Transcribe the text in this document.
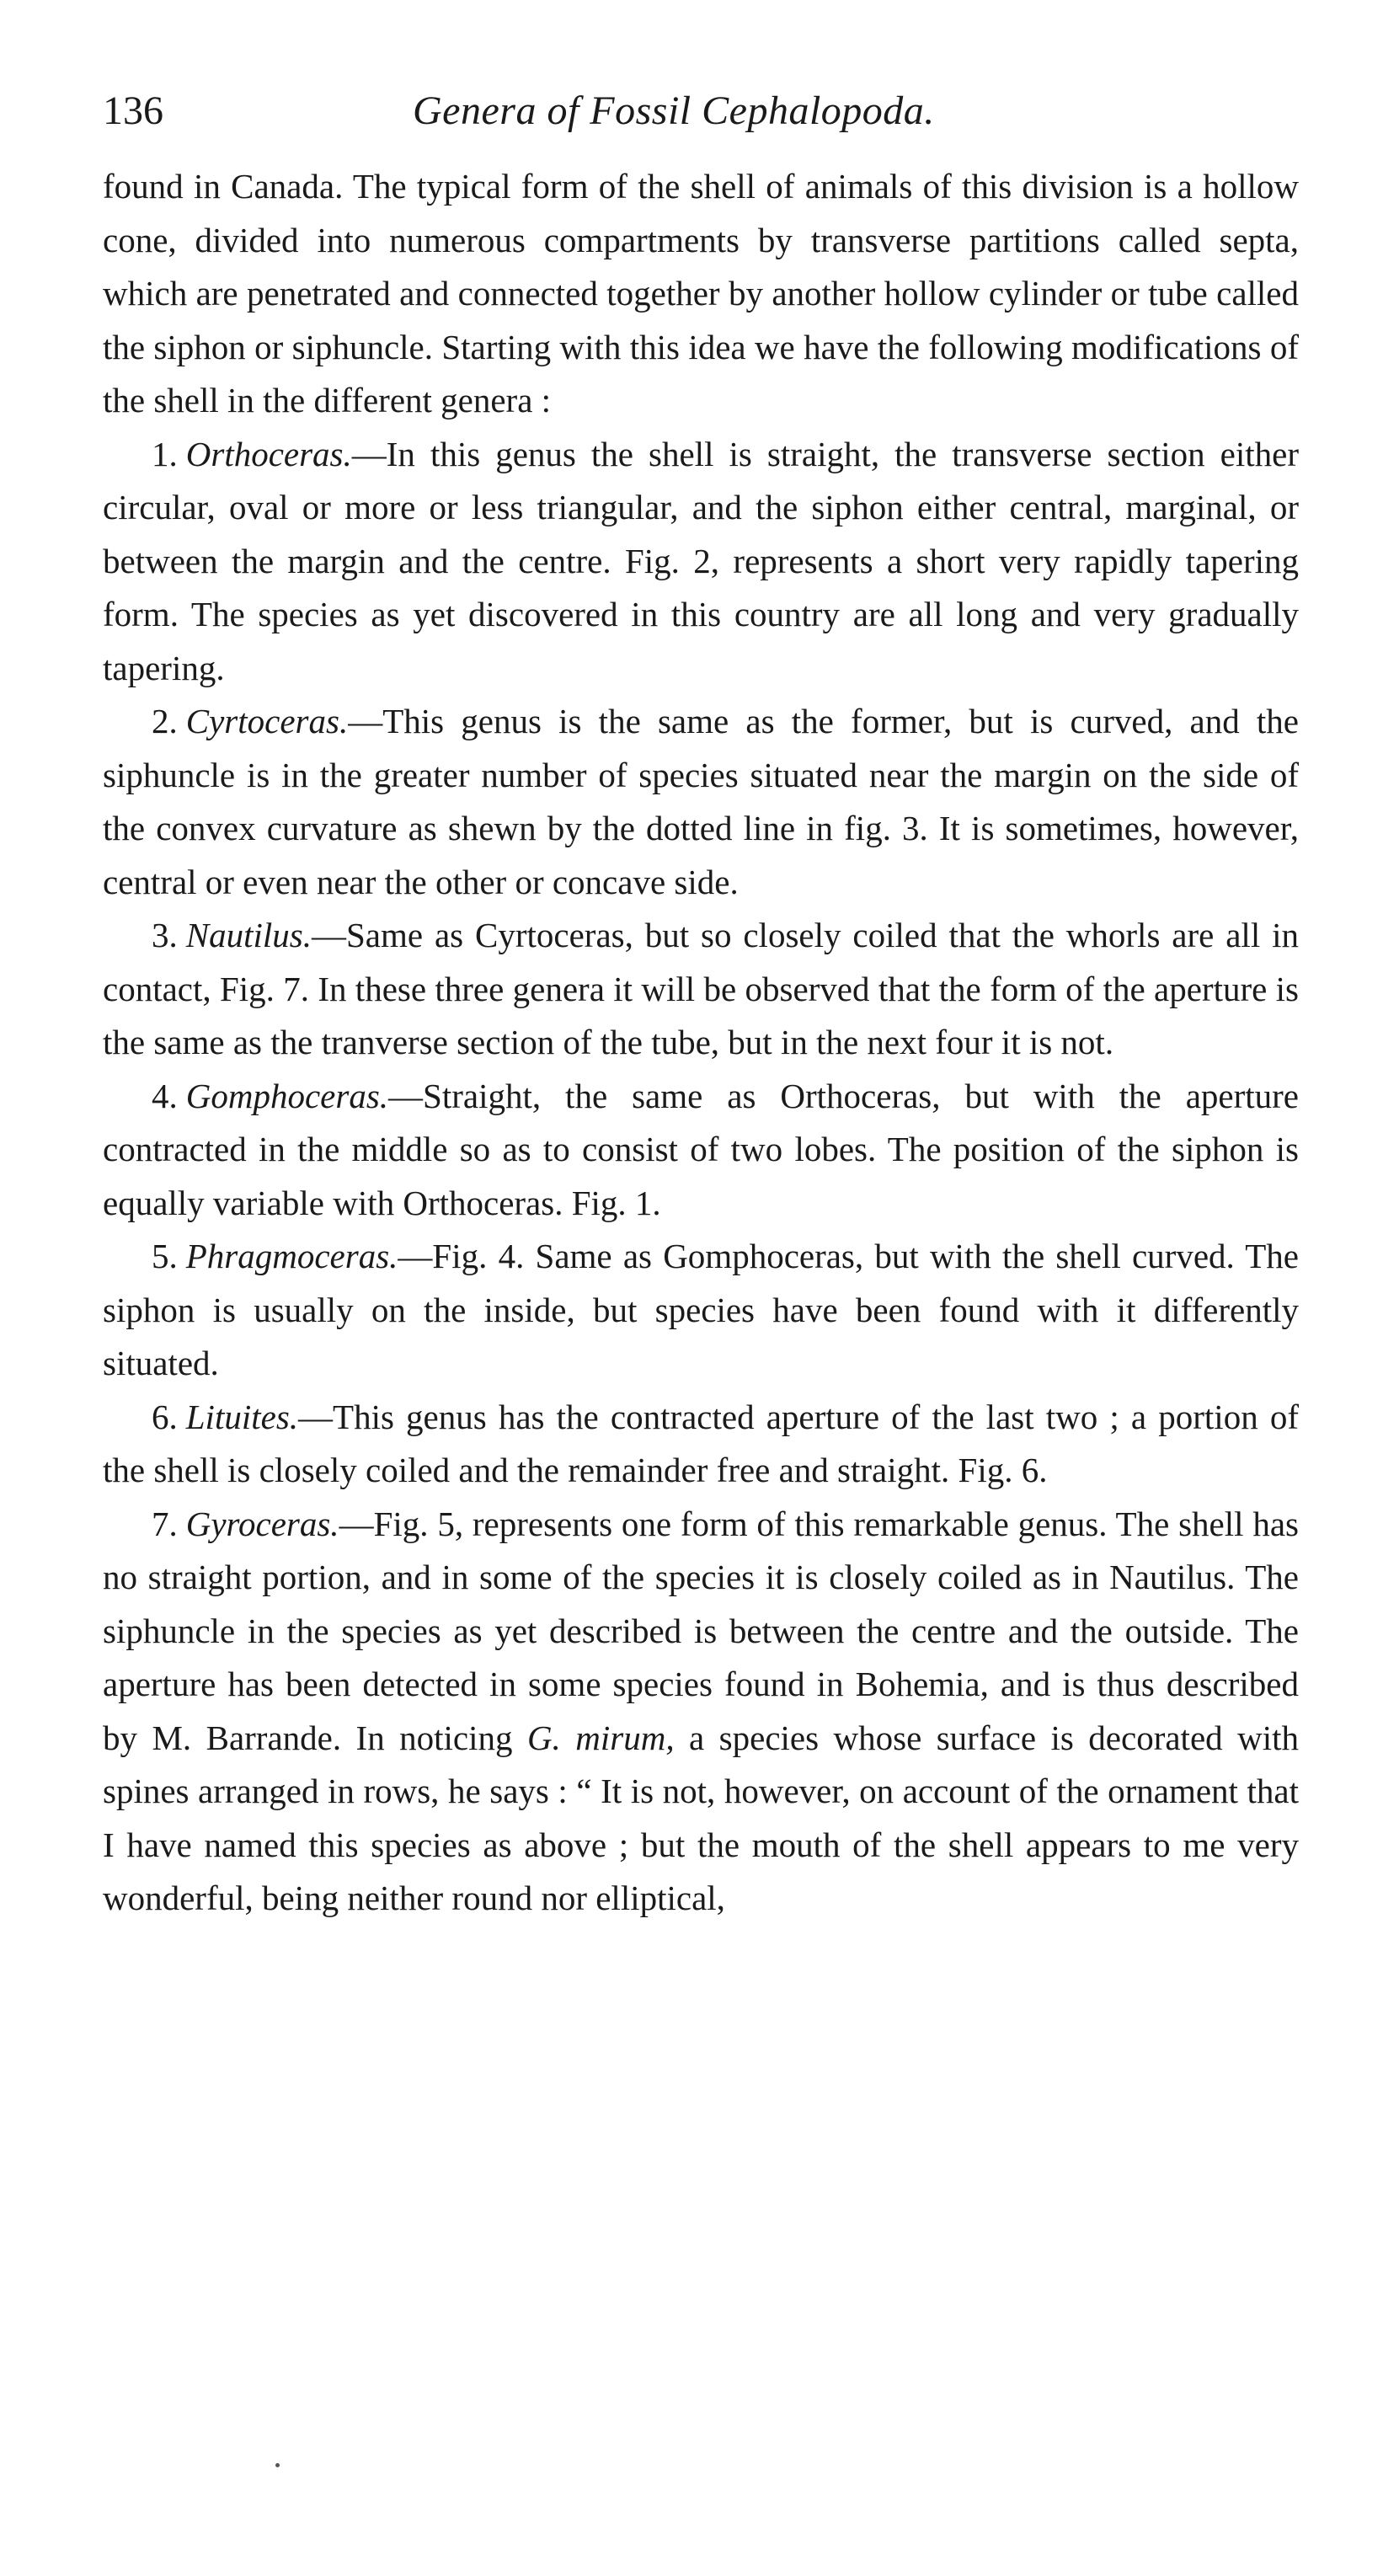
136	Genera of Fossil Cephalopoda.

found in Canada. The typical form of the shell of animals of this division is a hollow cone, divided into numerous compartments by transverse partitions called septa, which are penetrated and connected together by another hollow cylinder or tube called the siphon or siphuncle. Starting with this idea we have the following modifications of the shell in the different genera :

1. Orthoceras.—In this genus the shell is straight, the transverse section either circular, oval or more or less triangular, and the siphon either central, marginal, or between the margin and the centre. Fig. 2, represents a short very rapidly tapering form. The species as yet discovered in this country are all long and very gradually tapering.

2. Cyrtoceras.—This genus is the same as the former, but is curved, and the siphuncle is in the greater number of species situated near the margin on the side of the convex curvature as shewn by the dotted line in fig. 3. It is sometimes, however, central or even near the other or concave side.

3. Nautilus.—Same as Cyrtoceras, but so closely coiled that the whorls are all in contact, Fig. 7. In these three genera it will be observed that the form of the aperture is the same as the tranverse section of the tube, but in the next four it is not.

4. Gomphoceras.—Straight, the same as Orthoceras, but with the aperture contracted in the middle so as to consist of two lobes. The position of the siphon is equally variable with Orthoceras. Fig. 1.

5. Phragmoceras.—Fig. 4. Same as Gomphoceras, but with the shell curved. The siphon is usually on the inside, but species have been found with it differently situated.

6. Lituites.—This genus has the contracted aperture of the last two ; a portion of the shell is closely coiled and the remainder free and straight. Fig. 6.

7. Gyroceras.—Fig. 5, represents one form of this remarkable genus. The shell has no straight portion, and in some of the species it is closely coiled as in Nautilus. The siphuncle in the species as yet described is between the centre and the outside. The aperture has been detected in some species found in Bohemia, and is thus described by M. Barrande. In noticing G. mirum, a species whose surface is decorated with spines arranged in rows, he says : “ It is not, however, on account of the ornament that I have named this species as above ; but the mouth of the shell appears to me very wonderful, being neither round nor elliptical,
